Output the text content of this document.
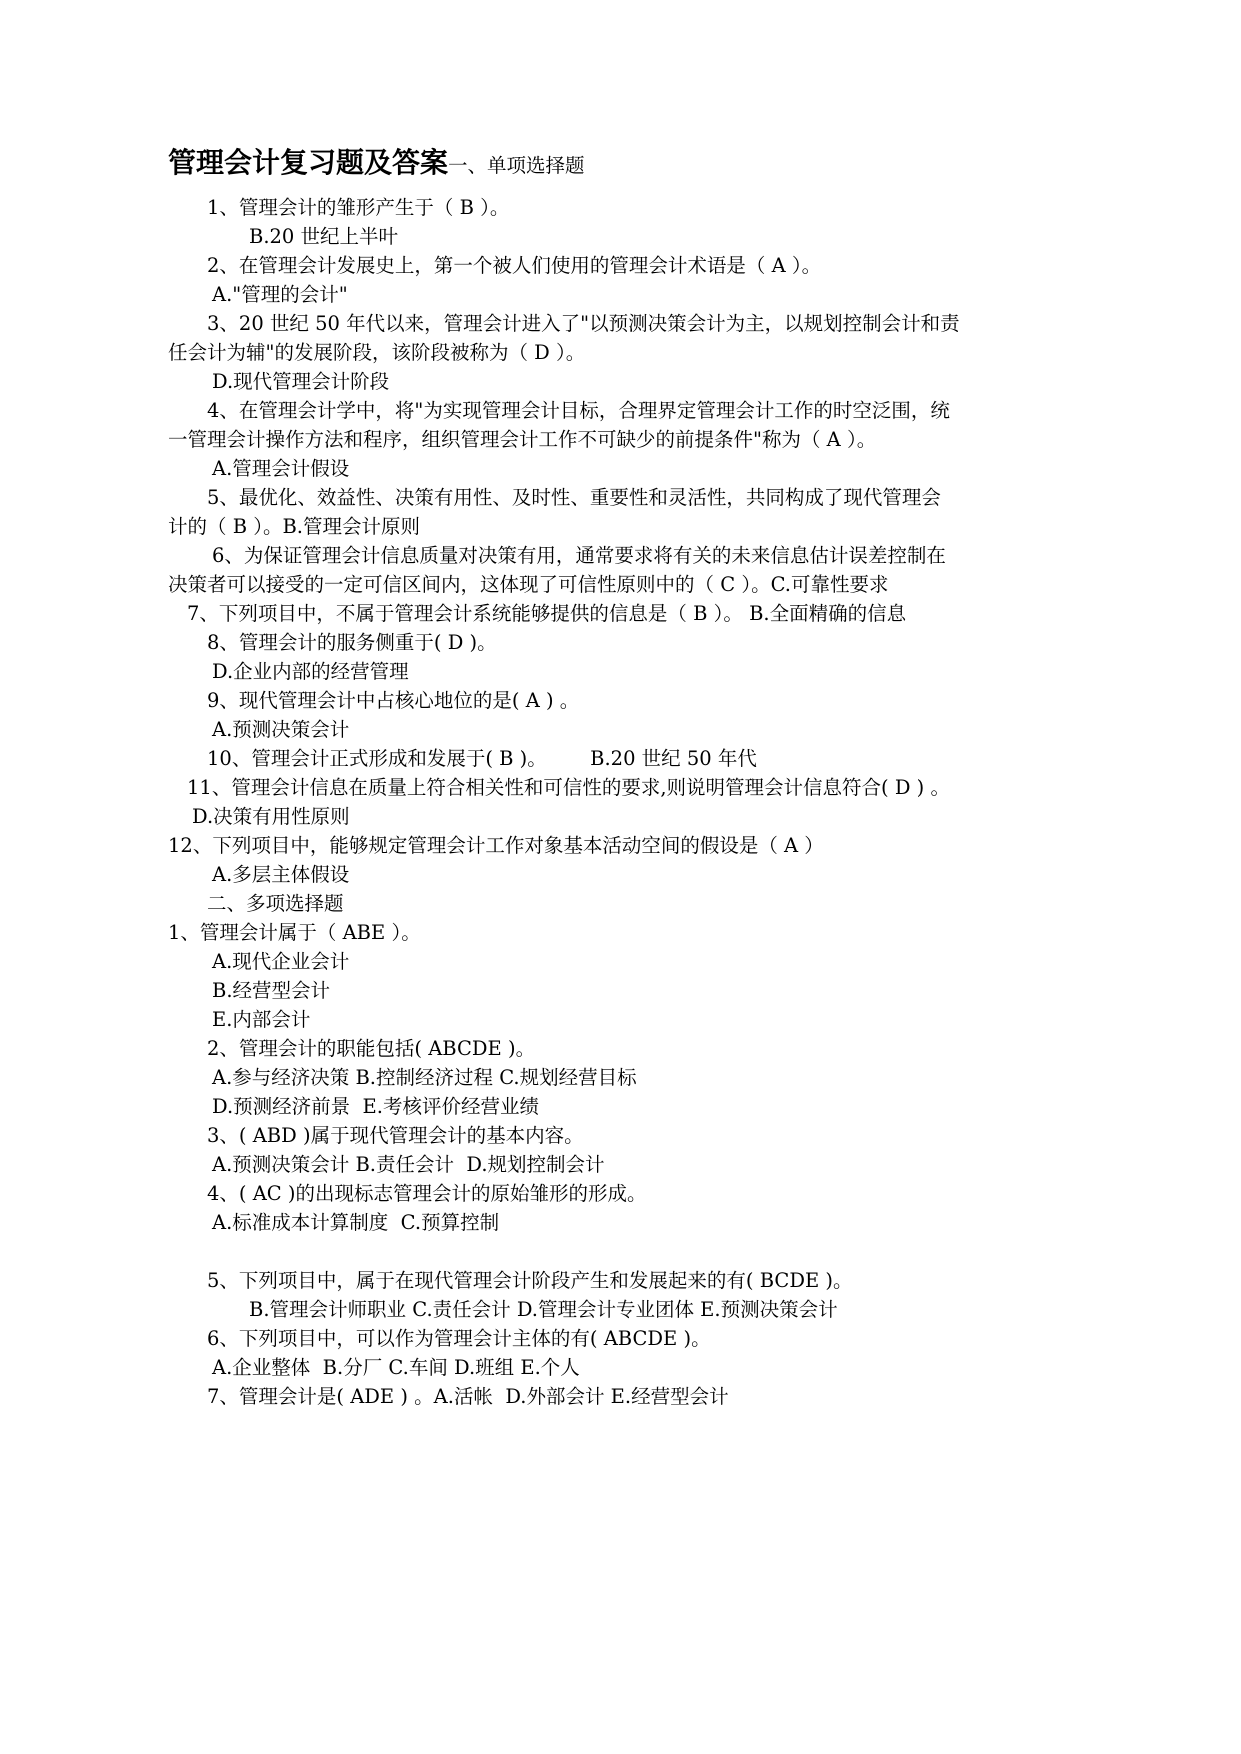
管理会计复习题及答案一、单项选择题
1、管理会计的雏形产生于（ B ）。
B.20 世纪上半叶
2、在管理会计发展史上，第一个被人们使用的管理会计术语是（ A ）。
A."管理的会计"
3、20 世纪 50 年代以来，管理会计进入了"以预测决策会计为主，以规划控制会计和责
任会计为辅"的发展阶段，该阶段被称为（ D ）。
D.现代管理会计阶段
4、在管理会计学中，将"为实现管理会计目标，合理界定管理会计工作的时空泛围，统
一管理会计操作方法和程序，组织管理会计工作不可缺少的前提条件"称为（ A ）。
A.管理会计假设
5、最优化、效益性、决策有用性、及时性、重要性和灵活性，共同构成了现代管理会
计的（ B ）。B.管理会计原则
6、为保证管理会计信息质量对决策有用，通常要求将有关的未来信息估计误差控制在
决策者可以接受的一定可信区间内，这体现了可信性原则中的（ C ）。C.可靠性要求
7、下列项目中，不属于管理会计系统能够提供的信息是（ B ）。 B.全面精确的信息
8、管理会计的服务侧重于( D )。
D.企业内部的经营管理
9、现代管理会计中占核心地位的是( A ) 。
A.预测决策会计
10、管理会计正式形成和发展于( B )。       B.20 世纪 50 年代
11、管理会计信息在质量上符合相关性和可信性的要求,则说明管理会计信息符合( D ) 。
D.决策有用性原则
12、下列项目中，能够规定管理会计工作对象基本活动空间的假设是（ A ）
A.多层主体假设
二、多项选择题
1、管理会计属于（ ABE ）。
A.现代企业会计
B.经营型会计
E.内部会计
2、管理会计的职能包括( ABCDE )。
A.参与经济决策 B.控制经济过程 C.规划经营目标
D.预测经济前景  E.考核评价经营业绩
3、( ABD )属于现代管理会计的基本内容。
A.预测决策会计 B.责任会计  D.规划控制会计
4、( AC )的出现标志管理会计的原始雏形的形成。
A.标准成本计算制度  C.预算控制
5、下列项目中，属于在现代管理会计阶段产生和发展起来的有( BCDE )。
B.管理会计师职业 C.责任会计 D.管理会计专业团体 E.预测决策会计
6、下列项目中，可以作为管理会计主体的有( ABCDE )。
A.企业整体  B.分厂 C.车间 D.班组 E.个人
7、管理会计是( ADE ) 。A.活帐  D.外部会计 E.经营型会计
